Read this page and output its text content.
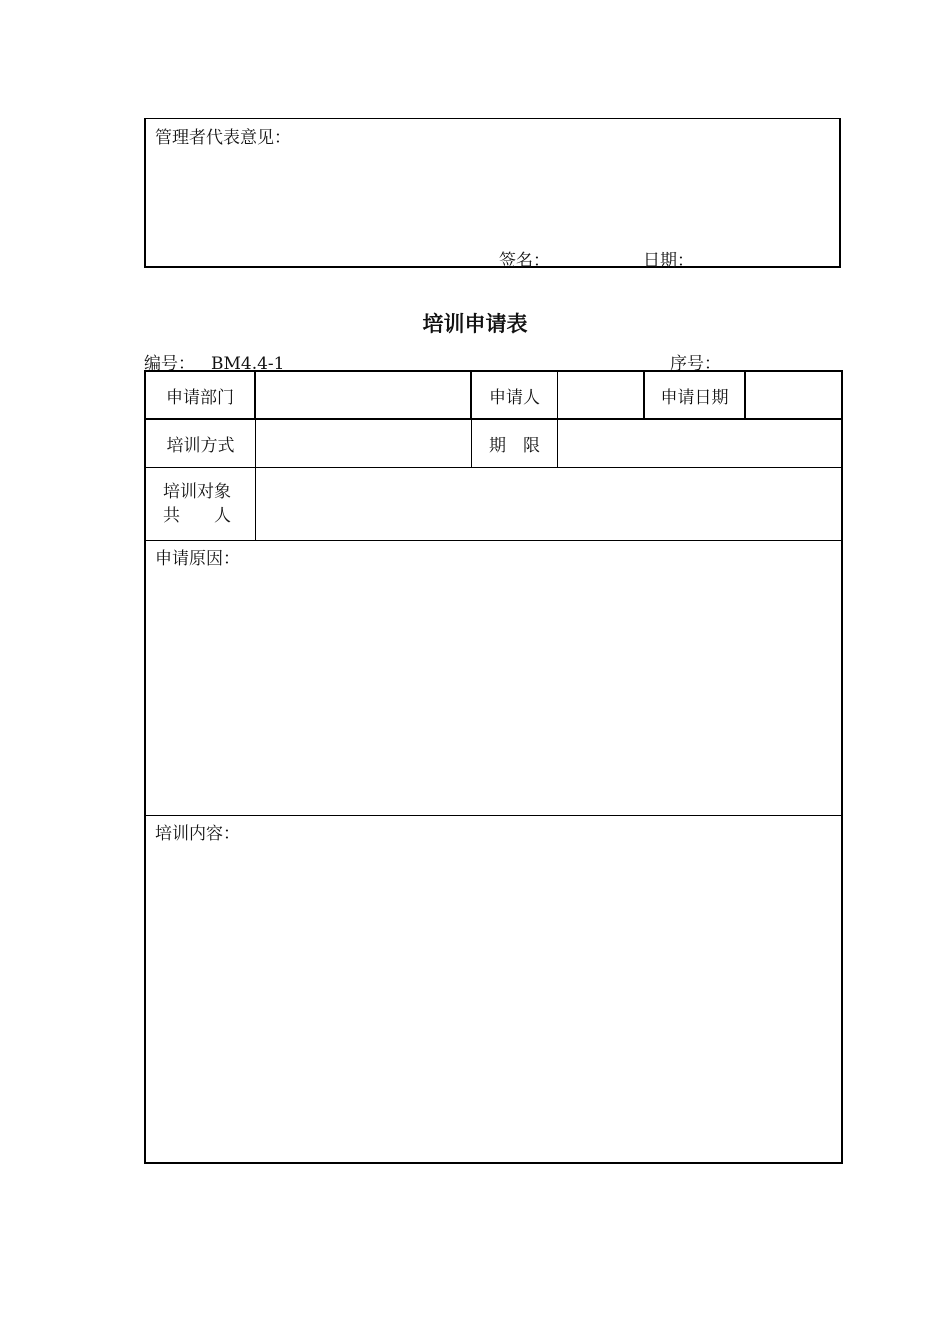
管理者代表意见：
签名：	日期：
培训申请表
编号： BM4.4-1	序号：
申请部门	申请人	申请日期
培训方式	期　限
培训对象
共　　人
申请原因：
培训内容：
